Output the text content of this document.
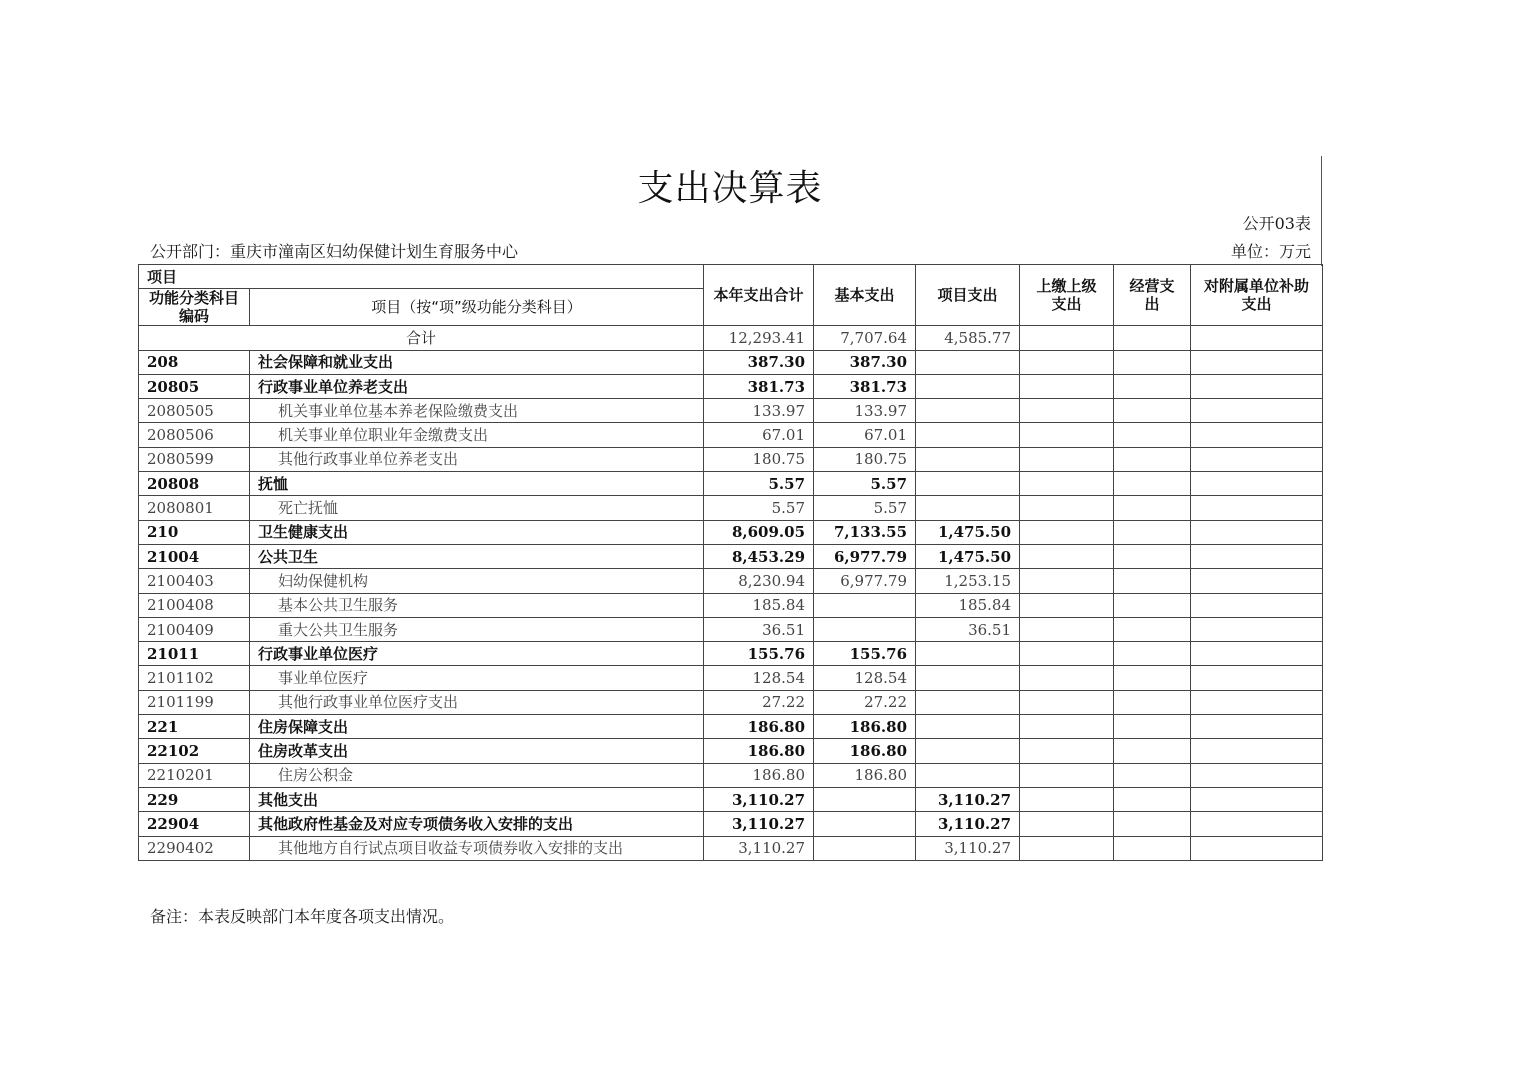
支出决算表
公开03表
公开部门：重庆市潼南区妇幼保健计划生育服务中心	单位：万元
项目		本年支出合计	基本支出	项目支出	上缴上级支出	经营支出	对附属单位补助支出
功能分类科目编码	项目（按“项”级功能分类科目）						
合计		12,293.41	7,707.64	4,585.77			
208	社会保障和就业支出	387.30	387.30				
20805	行政事业单位养老支出	381.73	381.73				
2080505	机关事业单位基本养老保险缴费支出	133.97	133.97				
2080506	机关事业单位职业年金缴费支出	67.01	67.01				
2080599	其他行政事业单位养老支出	180.75	180.75				
20808	抚恤	5.57	5.57				
2080801	死亡抚恤	5.57	5.57				
210	卫生健康支出	8,609.05	7,133.55	1,475.50			
21004	公共卫生	8,453.29	6,977.79	1,475.50			
2100403	妇幼保健机构	8,230.94	6,977.79	1,253.15			
2100408	基本公共卫生服务	185.84		185.84			
2100409	重大公共卫生服务	36.51		36.51			
21011	行政事业单位医疗	155.76	155.76				
2101102	事业单位医疗	128.54	128.54				
2101199	其他行政事业单位医疗支出	27.22	27.22				
221	住房保障支出	186.80	186.80				
22102	住房改革支出	186.80	186.80				
2210201	住房公积金	186.80	186.80				
229	其他支出	3,110.27		3,110.27			
22904	其他政府性基金及对应专项债务收入安排的支出	3,110.27		3,110.27			
2290402	其他地方自行试点项目收益专项债券收入安排的支出	3,110.27		3,110.27			
备注：本表反映部门本年度各项支出情况。
